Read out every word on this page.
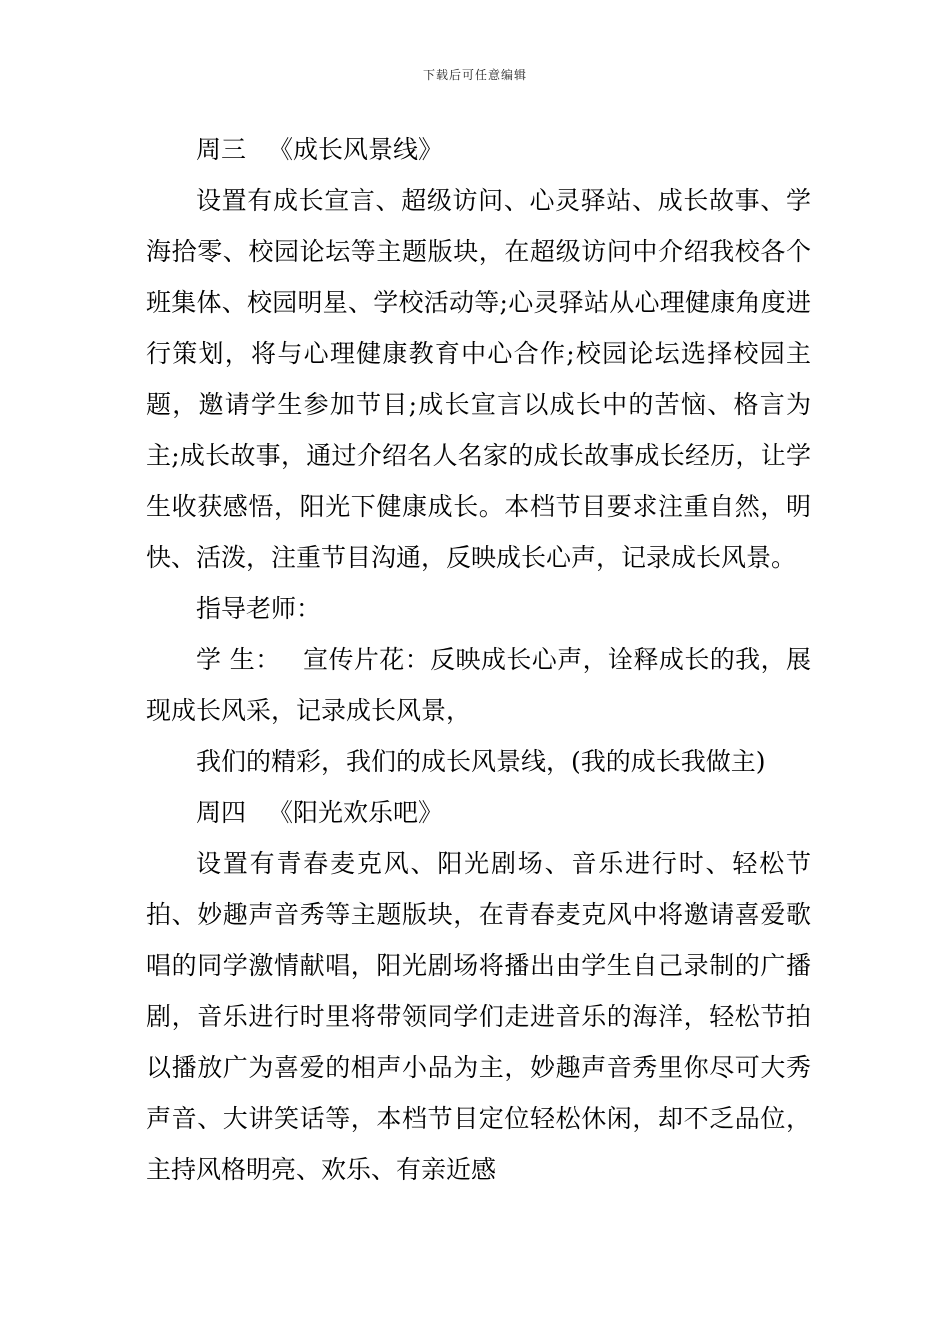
下载后可任意编辑

周三 《成长风景线》

设置有成长宣言、超级访问、心灵驿站、成长故事、学海拾零、校园论坛等主题版块，在超级访问中介绍我校各个班集体、校园明星、学校活动等;心灵驿站从心理健康角度进行策划，将与心理健康教育中心合作;校园论坛选择校园主题，邀请学生参加节目;成长宣言以成长中的苦恼、格言为主;成长故事，通过介绍名人名家的成长故事成长经历，让学生收获感悟，阳光下健康成长。本档节目要求注重自然，明快、活泼，注重节目沟通，反映成长心声，记录成长风景。

指导老师：

学 生： 宣传片花：反映成长心声，诠释成长的我，展现成长风采，记录成长风景，

我们的精彩，我们的成长风景线，(我的成长我做主)

周四 《阳光欢乐吧》

设置有青春麦克风、阳光剧场、音乐进行时、轻松节拍、妙趣声音秀等主题版块，在青春麦克风中将邀请喜爱歌唱的同学激情献唱，阳光剧场将播出由学生自己录制的广播剧，音乐进行时里将带领同学们走进音乐的海洋，轻松节拍以播放广为喜爱的相声小品为主，妙趣声音秀里你尽可大秀声音、大讲笑话等，本档节目定位轻松休闲，却不乏品位，主持风格明亮、欢乐、有亲近感
